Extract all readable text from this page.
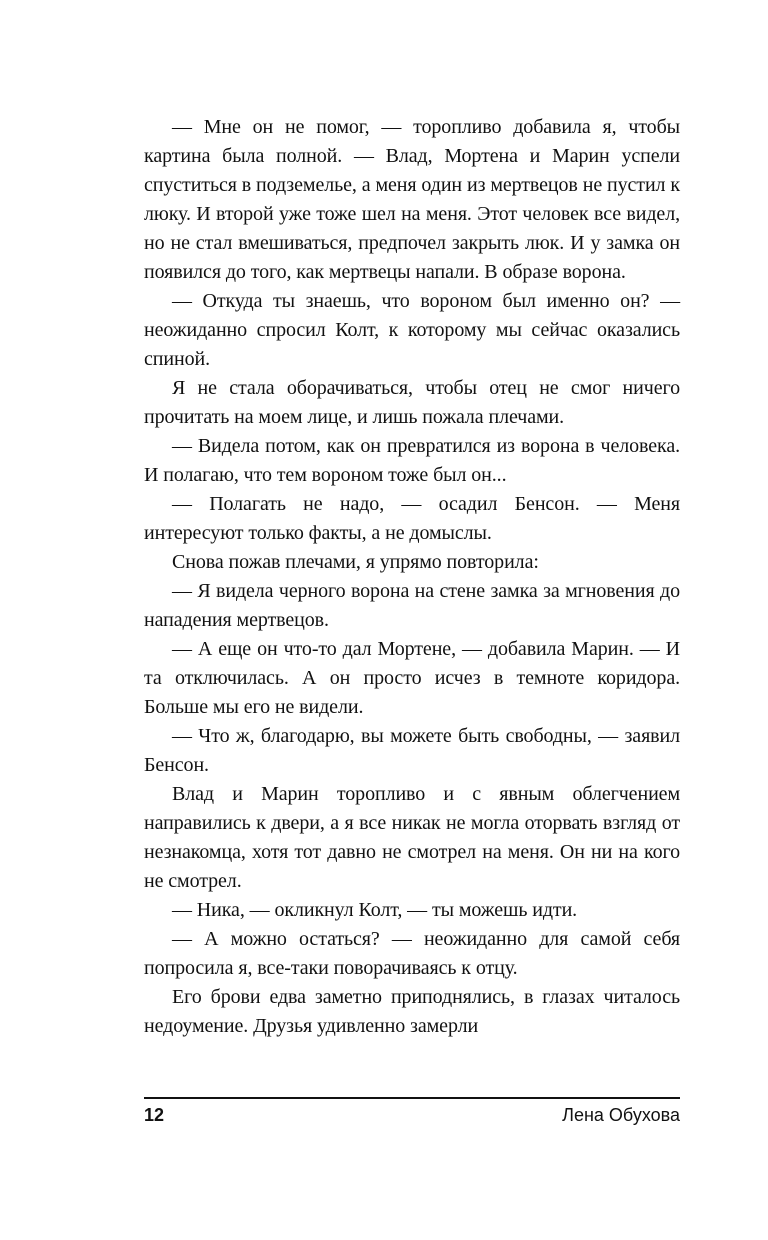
— Мне он не помог, — торопливо добавила я, чтобы картина была полной. — Влад, Мортена и Марин успели спуститься в подземелье, а меня один из мертвецов не пустил к люку. И второй уже тоже шел на меня. Этот человек все видел, но не стал вмешиваться, предпочел закрыть люк. И у замка он появился до того, как мертвецы напали. В образе ворона.

— Откуда ты знаешь, что вороном был именно он? — неожиданно спросил Колт, к которому мы сейчас оказались спиной.

Я не стала оборачиваться, чтобы отец не смог ничего прочитать на моем лице, и лишь пожала плечами.

— Видела потом, как он превратился из ворона в человека. И полагаю, что тем вороном тоже был он...

— Полагать не надо, — осадил Бенсон. — Меня интересуют только факты, а не домыслы.

Снова пожав плечами, я упрямо повторила:

— Я видела черного ворона на стене замка за мгновения до нападения мертвецов.

— А еще он что-то дал Мортене, — добавила Марин. — И та отключилась. А он просто исчез в темноте коридора. Больше мы его не видели.

— Что ж, благодарю, вы можете быть свободны, — заявил Бенсон.

Влад и Марин торопливо и с явным облегчением направились к двери, а я все никак не могла оторвать взгляд от незнакомца, хотя тот давно не смотрел на меня. Он ни на кого не смотрел.

— Ника, — окликнул Колт, — ты можешь идти.

— А можно остаться? — неожиданно для самой себя попросила я, все-таки поворачиваясь к отцу.

Его брови едва заметно приподнялись, в глазах читалось недоумение. Друзья удивленно замерли

12	Лена Обухова
